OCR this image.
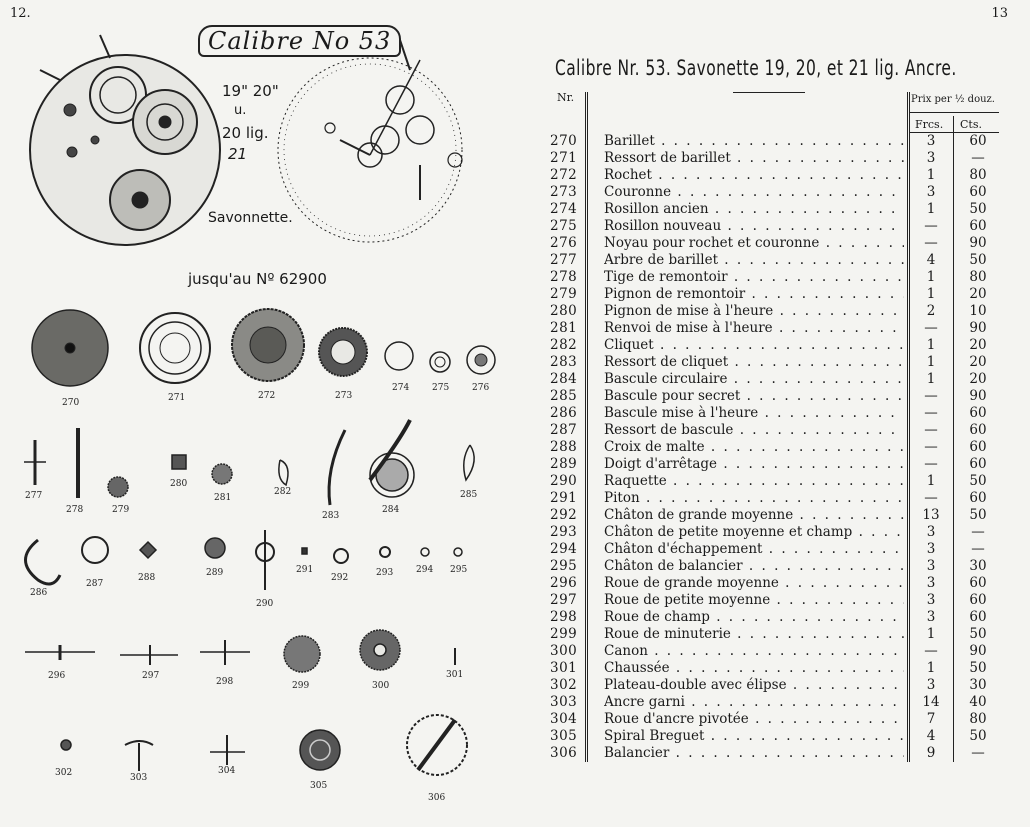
12.
270	271	272	273
274	275	276
277
278	279
280
281
282
283
284
285
286
287
288	289
290
291
292	293	294 295
296	297
298	299	300
301
302	303
304
305
306
Calibre No 53
19" 20"
u.
20 lig.
21
Savonnette.
jusqu'au Nº 62900
13
Calibre Nr. 53. Savonette 19, 20, et 21 lig. Ancre.
Nr.	Prix per ½ douz.
Frcs. Cts.
270	Barillet . . .	3	60
271	Ressort de barillet . . .	3	—
272	Rochet . . .	1	80
273	Couronne . . .	3	60
274	Rosillon ancien . . .	1	50
275	Rosillon nouveau . . .	—	60
276	Noyau pour rochet et couronne . . .	—	90
277	Arbre de barillet . . .	4	50
278	Tige de remontoir . . .	1	80
279	Pignon de remontoir . . .	1	20
280	Pignon de mise à l'heure . . .	2	10
281	Renvoi de mise à l'heure . . .	—	90
282	Cliquet . . .	1	20
283	Ressort de cliquet . . .	1	20
284	Bascule circulaire . . .	1	20
285	Bascule pour secret . . .	—	90
286	Bascule mise à l'heure . . .	—	60
287	Ressort de bascule . . .	—	60
288	Croix de malte . . .	—	60
289	Doigt d'arrêtage . . .	—	60
290	Raquette . . .	1	50
291	Piton . . .	—	60
292	Châton de grande moyenne . . .	13	50
293	Châton de petite moyenne et champ . . .	3	—
294	Châton d'échappement . . .	3	—
295	Châton de balancier . . .	3	30
296	Roue de grande moyenne . . .	3	60
297	Roue de petite moyenne . . .	3	60
298	Roue de champ . . .	3	60
299	Roue de minuterie . . .	1	50
300	Canon . . .	—	90
301	Chaussée . . .	1	50
302	Plateau-double avec élipse . . .	3	30
303	Ancre garni . . .	14	40
304	Roue d'ancre pivotée . . .	7	80
305	Spiral Breguet . . .	4	50
306	Balancier . . .	9	—
